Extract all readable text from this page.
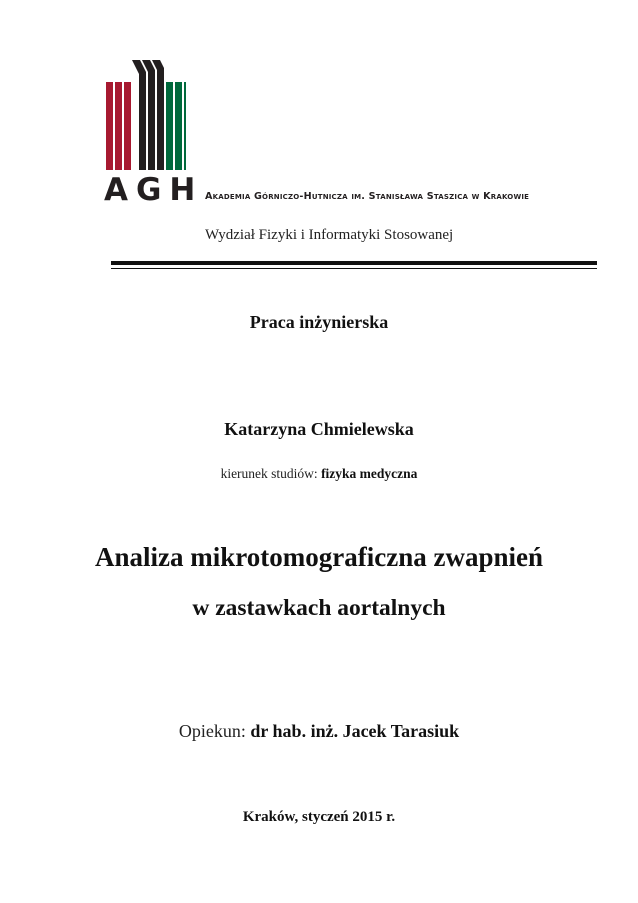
AGH Akademia Górniczo-Hutnicza im. Stanisława Staszica w Krakowie
Wydział Fizyki i Informatyki Stosowanej
Praca inżynierska
Katarzyna Chmielewska
kierunek studiów: fizyka medyczna
Analiza mikrotomograficzna zwapnień
w zastawkach aortalnych
Opiekun: dr hab. inż. Jacek Tarasiuk
Kraków, styczeń 2015 r.
